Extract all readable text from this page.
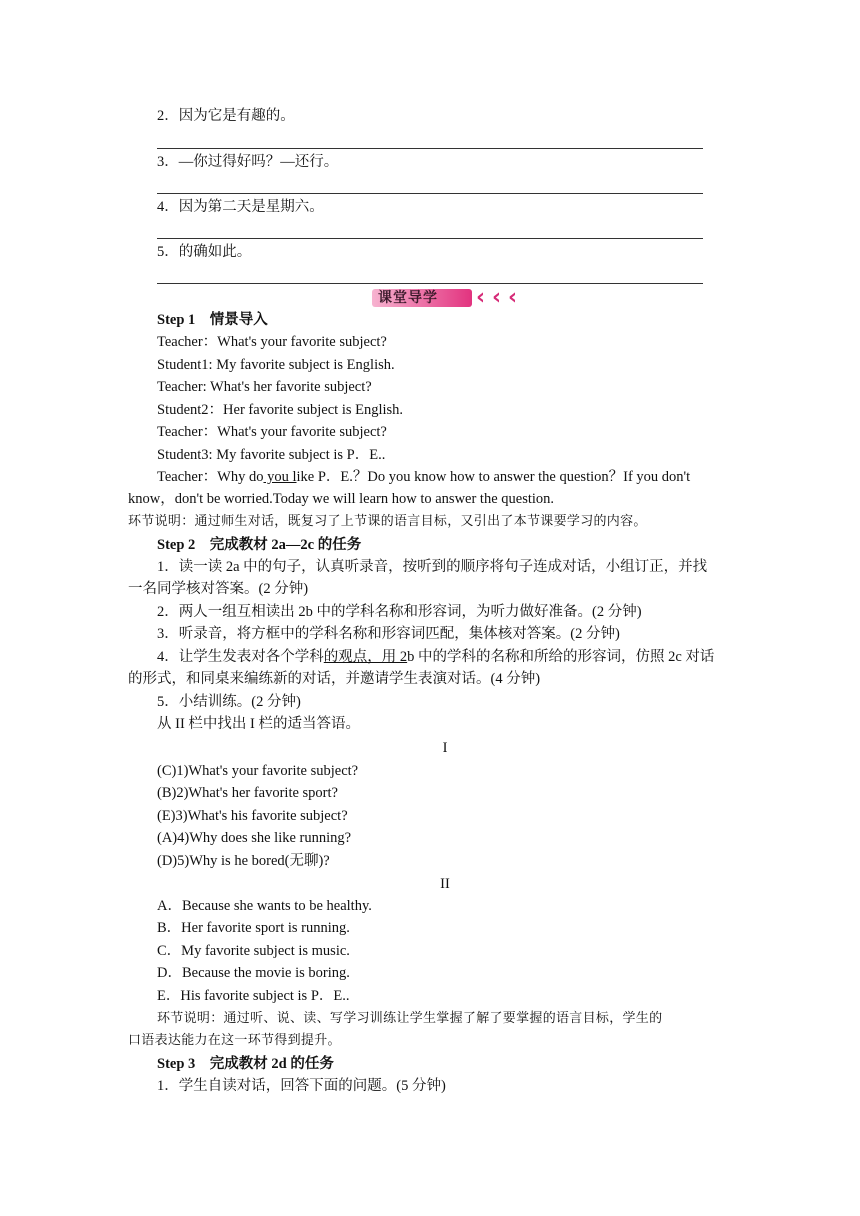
2．因为它是有趣的。
3．—你过得好吗？—还行。
4．因为第二天是星期六。
5．的确如此。
课堂导学 ‹ ‹ ‹
Step 1　情景导入
Teacher：What's your favorite subject?
Student1: My favorite subject is English.
Teacher: What's her favorite subject?
Student2：Her favorite subject is English.
Teacher：What's your favorite subject?
Student3: My favorite subject is P．E..
Teacher：Why do you like P．E.？Do you know how to answer the question？If you don't
know，don't be worried.Today we will learn how to answer the question.
环节说明：通过师生对话，既复习了上节课的语言目标，又引出了本节课要学习的内容。
Step 2　完成教材 2a—2c 的任务
1．读一读 2a 中的句子，认真听录音，按听到的顺序将句子连成对话，小组订正，并找
一名同学核对答案。(2 分钟)
2．两人一组互相读出 2b 中的学科名称和形容词，为听力做好准备。(2 分钟)
3．听录音，将方框中的学科名称和形容词匹配，集体核对答案。(2 分钟)
4．让学生发表对各个学科的观点，用 2b 中的学科的名称和所给的形容词，仿照 2c 对话
的形式，和同桌来编练新的对话，并邀请学生表演对话。(4 分钟)
5．小结训练。(2 分钟)
从 II 栏中找出 I 栏的适当答语。
I
(C)1)What's your favorite subject?
(B)2)What's her favorite sport?
(E)3)What's his favorite subject?
(A)4)Why does she like running?
(D)5)Why is he bored(无聊)?
II
A．Because she wants to be healthy.
B．Her favorite sport is running.
C．My favorite subject is music.
D．Because the movie is boring.
E．His favorite subject is P．E..
环节说明：通过听、说、读、写学习训练让学生掌握了解了要掌握的语言目标，学生的
口语表达能力在这一环节得到提升。
Step 3　完成教材 2d 的任务
1．学生自读对话，回答下面的问题。(5 分钟)
